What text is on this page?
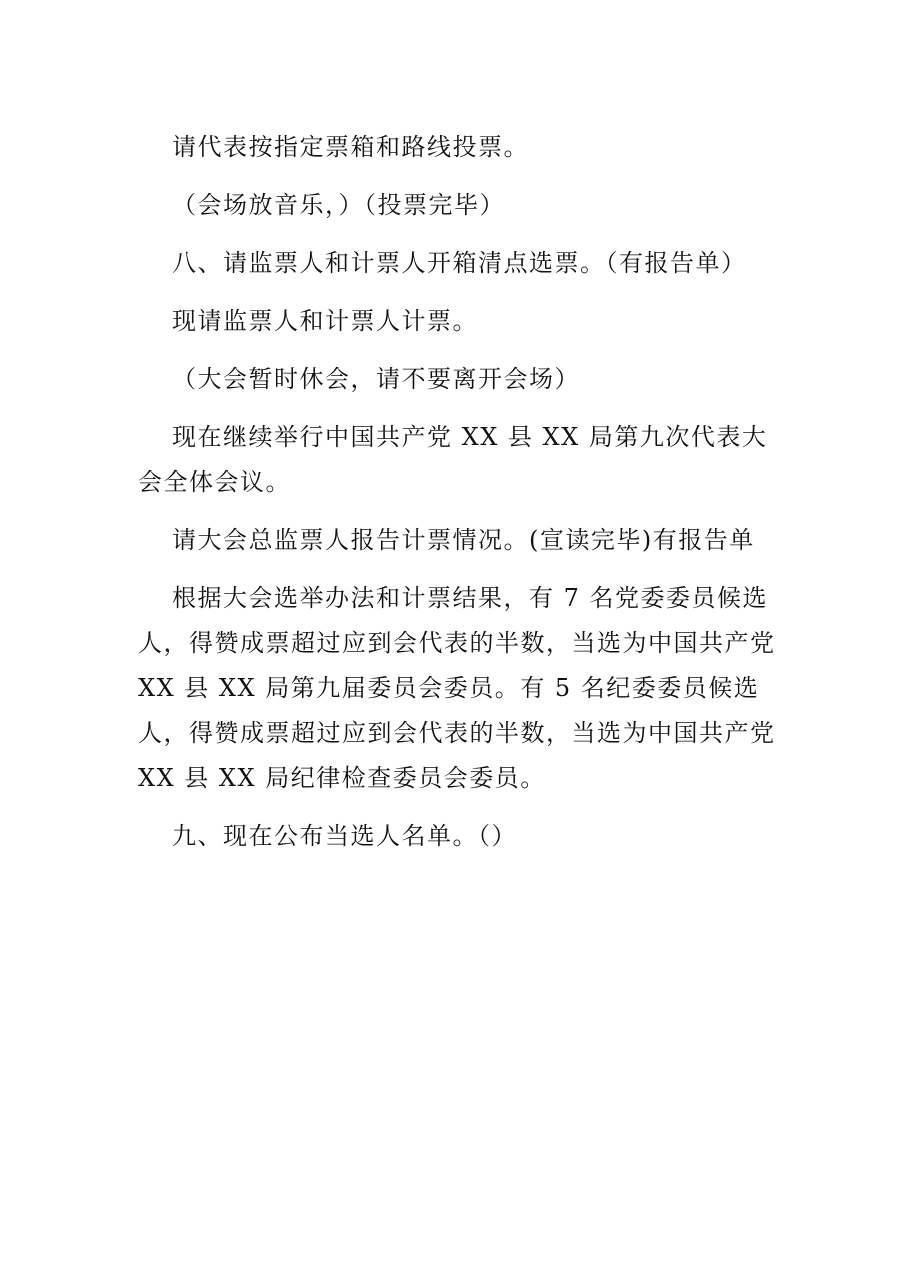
请代表按指定票箱和路线投票。

（会场放音乐，）（投票完毕）

八、请监票人和计票人开箱清点选票。（有报告单）

现请监票人和计票人计票。

（大会暂时休会，请不要离开会场）

现在继续举行中国共产党 XX 县 XX 局第九次代表大会全体会议。

请大会总监票人报告计票情况。(宣读完毕)有报告单

根据大会选举办法和计票结果，有 7 名党委委员候选人，得赞成票超过应到会代表的半数，当选为中国共产党 XX 县 XX 局第九届委员会委员。有 5 名纪委委员候选人，得赞成票超过应到会代表的半数，当选为中国共产党 XX 县 XX 局纪律检查委员会委员。

九、现在公布当选人名单。（）
